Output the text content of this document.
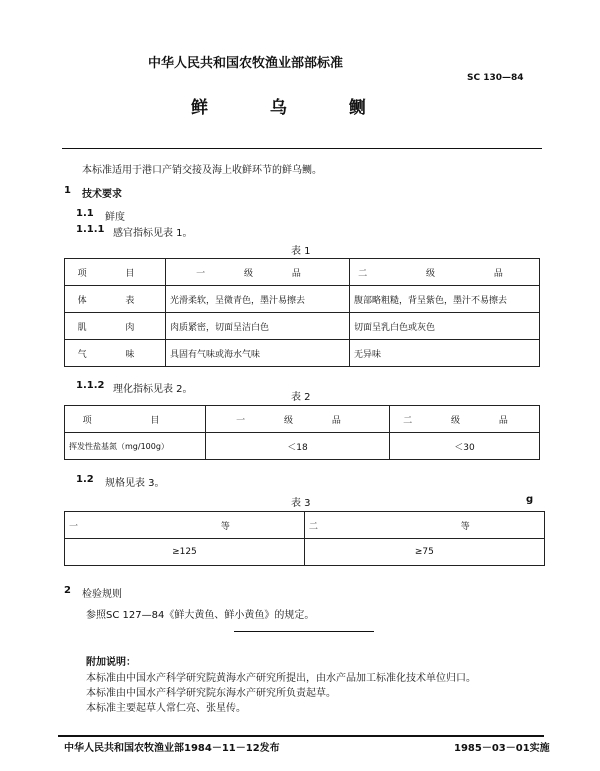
中华人民共和国农牧渔业部部标准
SC 130—84
鲜 乌 鲗
本标准适用于港口产销交接及海上收鲜环节的鲜乌鲗。
1 技术要求
1.1 鲜度
1.1.1 感官指标见表 1。
表 1
项 目	一 级 品	二 级 品
体 表	光滑柔软，呈微青色，墨汁易擦去	腹部略粗糙，背呈紫色，墨汁不易擦去
肌 肉	肉质紧密，切面呈洁白色	切面呈乳白色或灰色
气 味	具固有气味或海水气味	无异味
1.1.2 理化指标见表 2。
表 2
项 目	一 级 品	二 级 品
挥发性盐基氮（mg/100g）	＜18	＜30
1.2 规格见表 3。
表 3	g
一 等	二 等
≥125	≥75
2 检验规则
参照SC 127—84《鲜大黄鱼、鲜小黄鱼》的规定。
附加说明：
本标准由中国水产科学研究院黄海水产研究所提出，由水产品加工标准化技术单位归口。
本标准由中国水产科学研究院东海水产研究所负责起草。
本标准主要起草人常仁亮、张星传。
中华人民共和国农牧渔业部1984－11－12发布	1985－03－01实施
